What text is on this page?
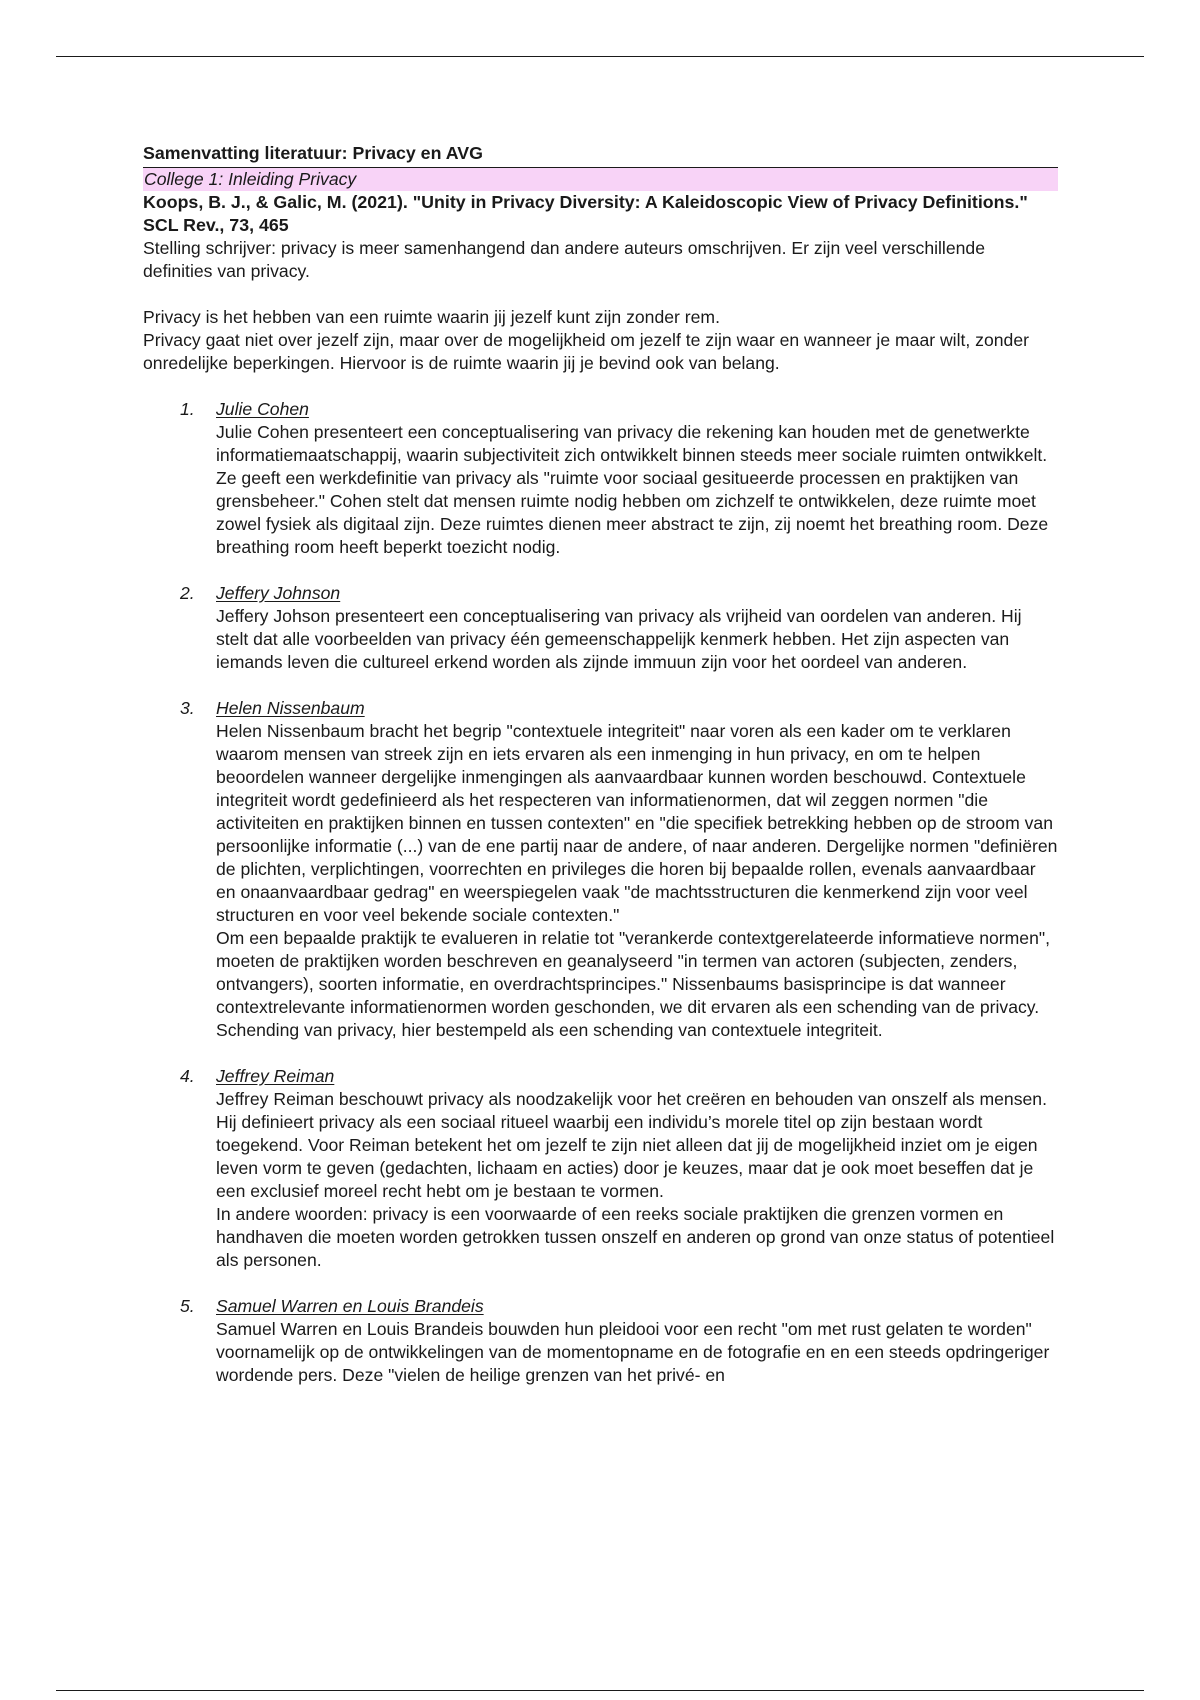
Samenvatting literatuur: Privacy en AVG
College 1: Inleiding Privacy
Koops, B. J., & Galic, M. (2021). "Unity in Privacy Diversity: A Kaleidoscopic View of Privacy Definitions." SCL Rev., 73, 465

Stelling schrijver: privacy is meer samenhangend dan andere auteurs omschrijven. Er zijn veel verschillende definities van privacy.

Privacy is het hebben van een ruimte waarin jij jezelf kunt zijn zonder rem.

Privacy gaat niet over jezelf zijn, maar over de mogelijkheid om jezelf te zijn waar en wanneer je maar wilt, zonder onredelijke beperkingen. Hiervoor is de ruimte waarin jij je bevind ook van belang.

1. Julie Cohen

Julie Cohen presenteert een conceptualisering van privacy die rekening kan houden met de genetwerkte informatiemaatschappij, waarin subjectiviteit zich ontwikkelt binnen steeds meer sociale ruimten ontwikkelt. Ze geeft een werkdefinitie van privacy als "ruimte voor sociaal gesitueerde processen en praktijken van grensbeheer." Cohen stelt dat mensen ruimte nodig hebben om zichzelf te ontwikkelen, deze ruimte moet zowel fysiek als digitaal zijn. Deze ruimtes dienen meer abstract te zijn, zij noemt het breathing room. Deze breathing room heeft beperkt toezicht nodig.

2. Jeffery Johnson

Jeffery Johson presenteert een conceptualisering van privacy als vrijheid van oordelen van anderen. Hij stelt dat alle voorbeelden van privacy één gemeenschappelijk kenmerk hebben. Het zijn aspecten van iemands leven die cultureel erkend worden als zijnde immuun zijn voor het oordeel van anderen.

3. Helen Nissenbaum

Helen Nissenbaum bracht het begrip "contextuele integriteit" naar voren als een kader om te verklaren waarom mensen van streek zijn en iets ervaren als een inmenging in hun privacy, en om te helpen beoordelen wanneer dergelijke inmengingen als aanvaardbaar kunnen worden beschouwd. Contextuele integriteit wordt gedefinieerd als het respecteren van informatienormen, dat wil zeggen normen "die activiteiten en praktijken binnen en tussen contexten" en "die specifiek betrekking hebben op de stroom van persoonlijke informatie (...) van de ene partij naar de andere, of naar anderen. Dergelijke normen "definiëren de plichten, verplichtingen, voorrechten en privileges die horen bij bepaalde rollen, evenals aanvaardbaar en onaanvaardbaar gedrag" en weerspiegelen vaak "de machtsstructuren die kenmerkend zijn voor veel structuren en voor veel bekende sociale contexten."

Om een bepaalde praktijk te evalueren in relatie tot "verankerde contextgerelateerde informatieve normen", moeten de praktijken worden beschreven en geanalyseerd "in termen van actoren (subjecten, zenders, ontvangers), soorten informatie, en overdrachtsprincipes." Nissenbaums basisprincipe is dat wanneer contextrelevante informatienormen worden geschonden, we dit ervaren als een schending van de privacy.

Schending van privacy, hier bestempeld als een schending van contextuele integriteit.

4. Jeffrey Reiman

Jeffrey Reiman beschouwt privacy als noodzakelijk voor het creëren en behouden van onszelf als mensen. Hij definieert privacy als een sociaal ritueel waarbij een individu’s morele titel op zijn bestaan wordt toegekend. Voor Reiman betekent het om jezelf te zijn niet alleen dat jij de mogelijkheid inziet om je eigen leven vorm te geven (gedachten, lichaam en acties) door je keuzes, maar dat je ook moet beseffen dat je een exclusief moreel recht hebt om je bestaan te vormen.

In andere woorden: privacy is een voorwaarde of een reeks sociale praktijken die grenzen vormen en handhaven die moeten worden getrokken tussen onszelf en anderen op grond van onze status of potentieel als personen.

5. Samuel Warren en Louis Brandeis

Samuel Warren en Louis Brandeis bouwden hun pleidooi voor een recht "om met rust gelaten te worden" voornamelijk op de ontwikkelingen van de momentopname en de fotografie en en een steeds opdringeriger wordende pers. Deze "vielen de heilige grenzen van het privé- en
